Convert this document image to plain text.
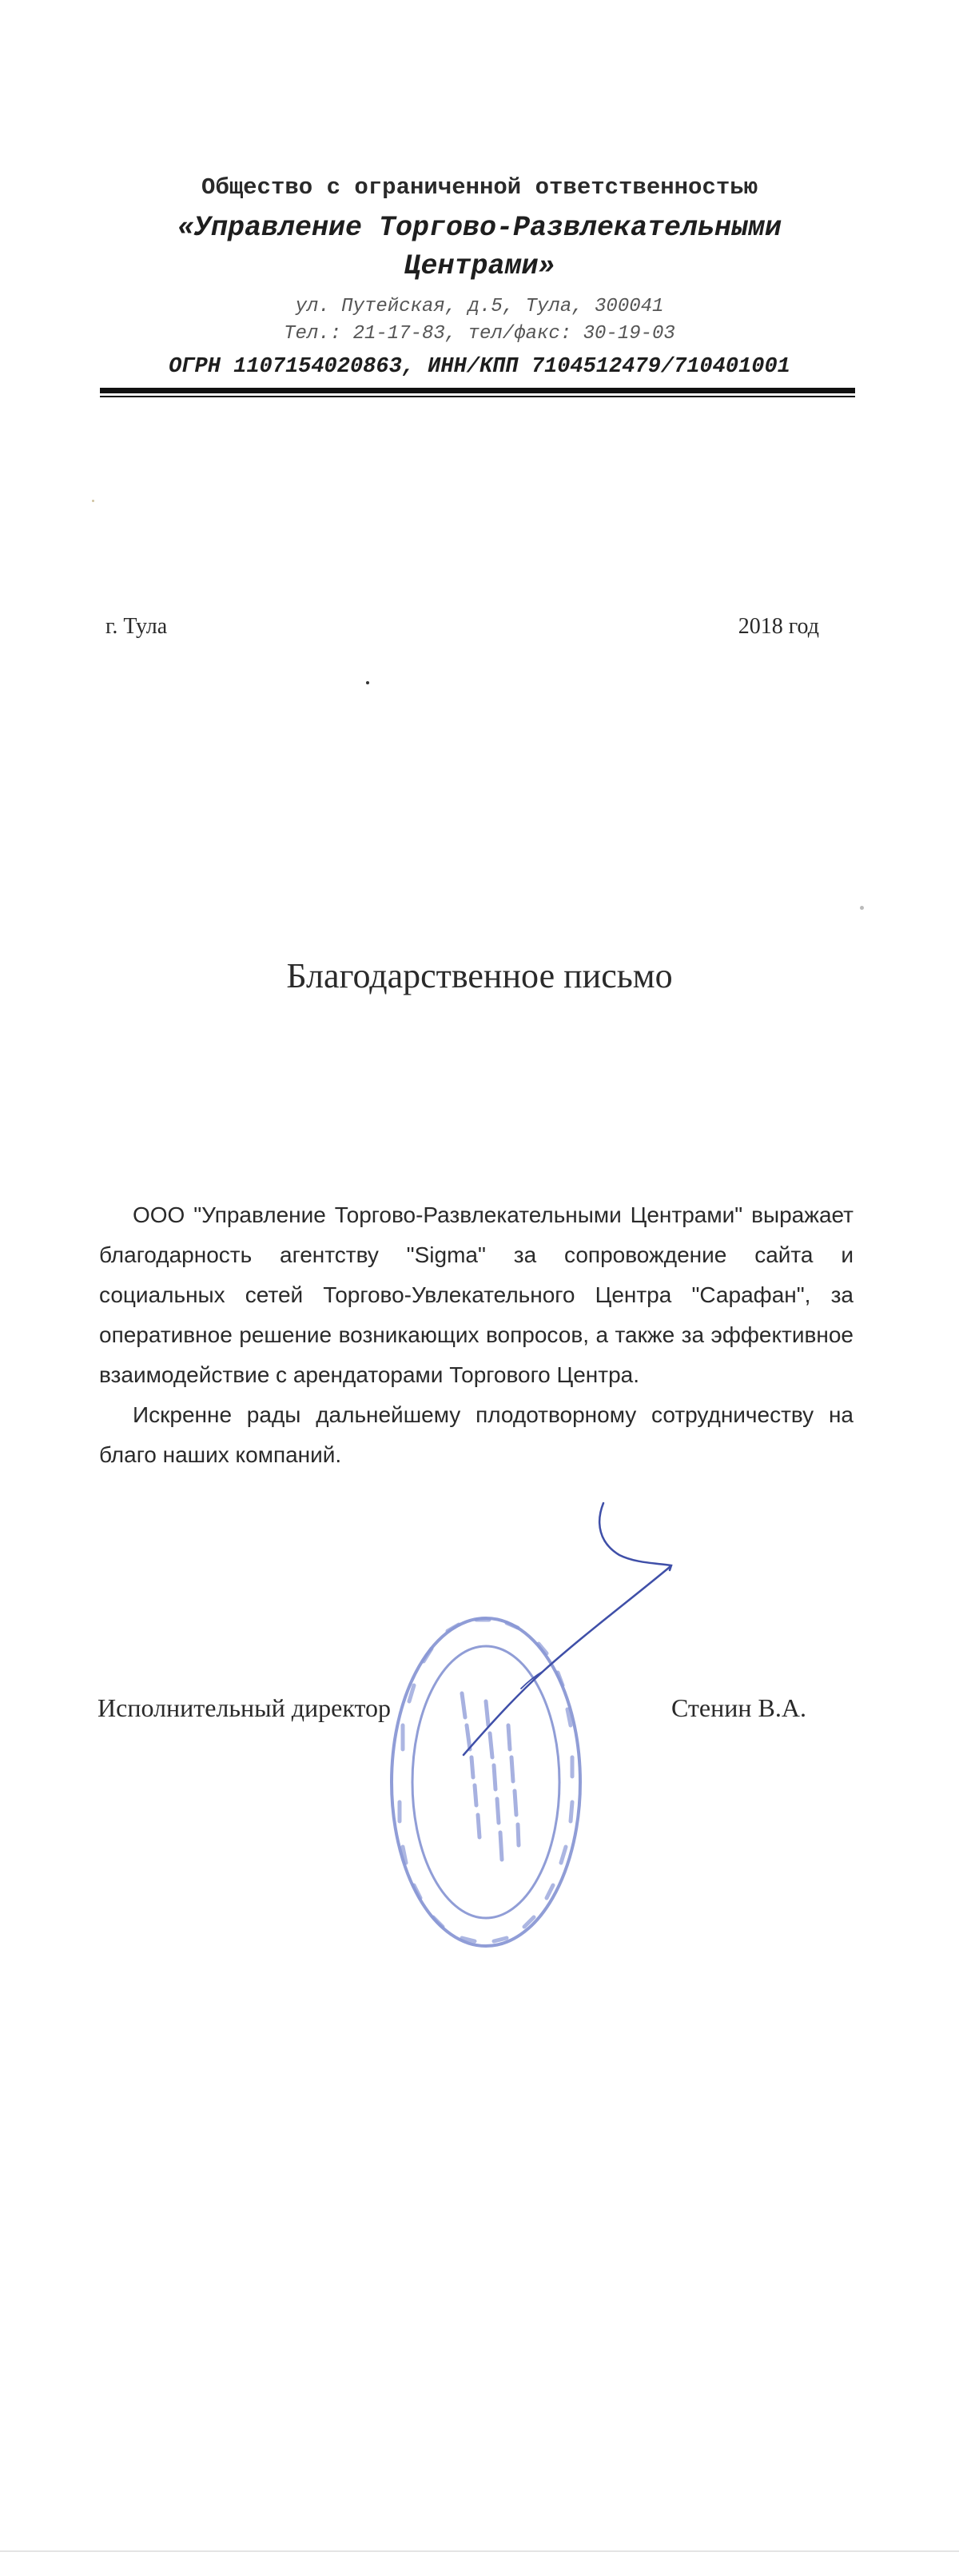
Общество с ограниченной ответственностью
«Управление Торгово-Развлекательными Центрами»
ул. Путейская, д.5, Тула, 300041
Тел.: 21-17-83, тел/факс: 30-19-03
ОГРН 1107154020863, ИНН/КПП 7104512479/710401001
г. Тула	2018 год
Благодарственное письмо

ООО "Управление Торгово-Развлекательными Центрами" выражает благодарность агентству "Sigma" за сопровождение сайта и социальных сетей Торгово-Увлекательного Центра "Сарафан", за оперативное решение возникающих вопросов, а также за эффективное взаимодействие с арендаторами Торгового Центра.

Искренне рады дальнейшему плодотворному сотрудничеству на благо наших компаний.

Исполнительный директор	Стенин В.А.
